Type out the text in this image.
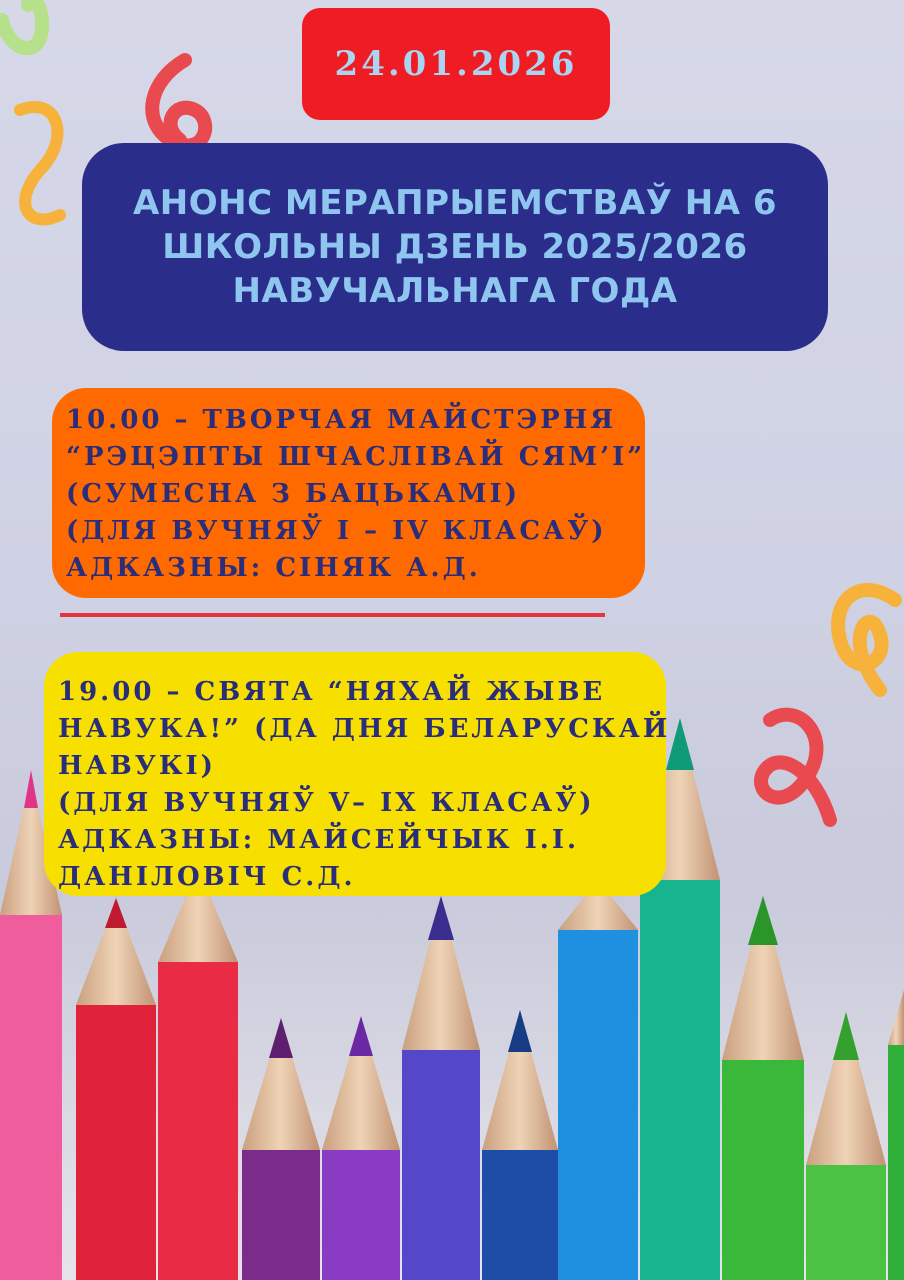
24.01.2026

АНОНС МЕРАПРЫЕМСТВАЎ НА 6
ШКОЛЬНЫ ДЗЕНЬ 2025/2026
НАВУЧАЛЬНАГА ГОДА

10.00 – ТВОРЧАЯ МАЙСТЭРНЯ
“РЭЦЭПТЫ ШЧАСЛІВАЙ СЯМ’І”
(СУМЕСНА З БАЦЬКАМІ)
(ДЛЯ ВУЧНЯЎ І – ІV КЛАСАЎ)
АДКАЗНЫ: СІНЯК А.Д.
19.00 – СВЯТА “НЯХАЙ ЖЫВЕ
НАВУКА!” (ДА ДНЯ БЕЛАРУСКАЙ
НАВУКІ)
(ДЛЯ ВУЧНЯЎ V– ІХ КЛАСАЎ)
АДКАЗНЫ: МАЙСЕЙЧЫК І.І.
ДАНІЛОВІЧ С.Д.
